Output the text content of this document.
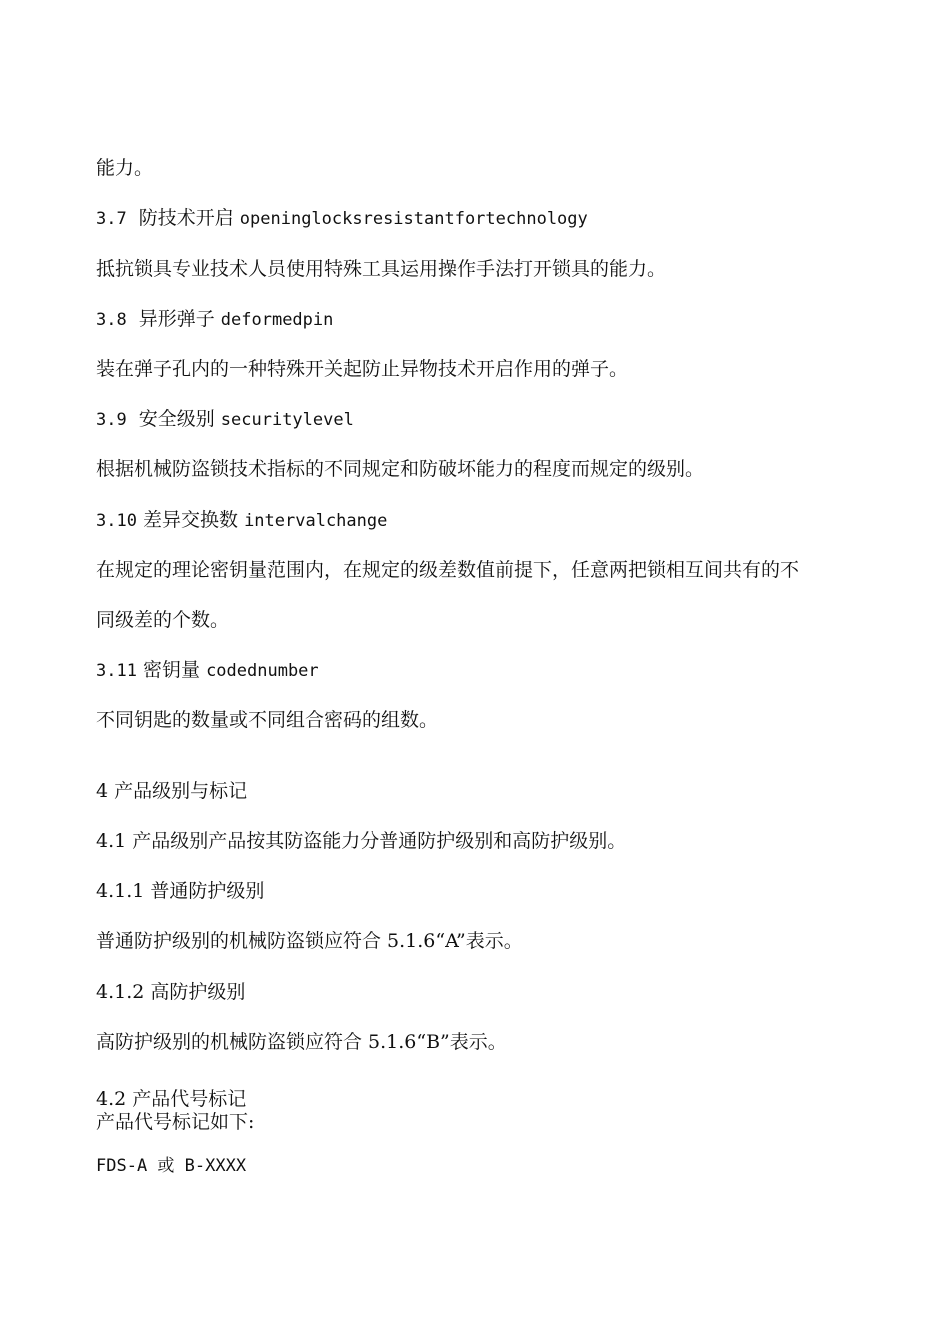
能力。
3.7 防技术开启 openinglocksresistantfortechnology
抵抗锁具专业技术人员使用特殊工具运用操作手法打开锁具的能力。
3.8 异形弹子 deformedpin
装在弹子孔内的一种特殊开关起防止异物技术开启作用的弹子。
3.9 安全级别 securitylevel
根据机械防盗锁技术指标的不同规定和防破坏能力的程度而规定的级别。
3.10 差异交换数 intervalchange
在规定的理论密钥量范围内，在规定的级差数值前提下，任意两把锁相互间共有的不
同级差的个数。
3.11 密钥量 codednumber
不同钥匙的数量或不同组合密码的组数。
4 产品级别与标记
4.1 产品级别产品按其防盗能力分普通防护级别和高防护级别。
4.1.1 普通防护级别
普通防护级别的机械防盗锁应符合 5.1.6“A”表示。
4.1.2 高防护级别
高防护级别的机械防盗锁应符合 5.1.6“B”表示。
4.2 产品代号标记
产品代号标记如下:
FDS-A 或 B-XXXX
